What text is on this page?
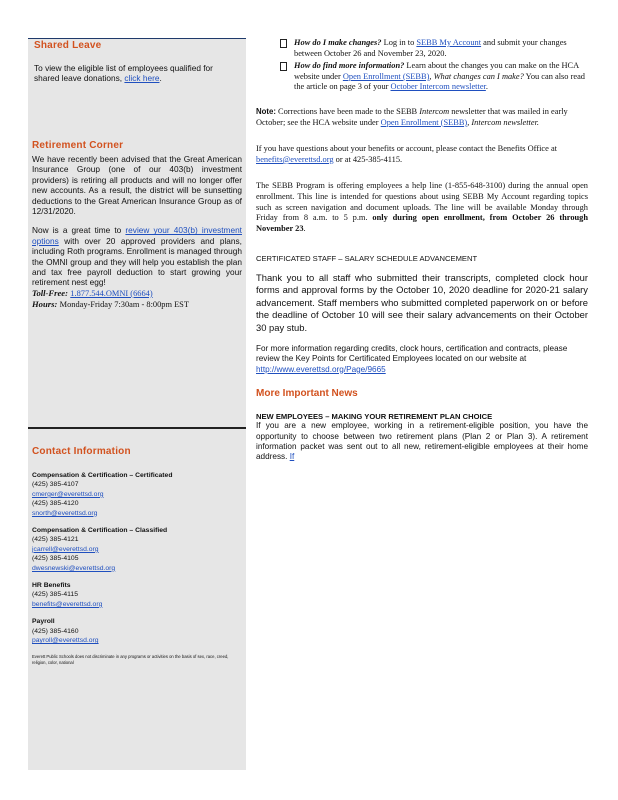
Shared Leave
To view the eligible list of employees qualified for shared leave donations, click here.
Retirement Corner

We have recently been advised that the Great American Insurance Group (one of our 403(b) investment providers) is retiring all products and will no longer offer new accounts. As a result, the district will be sunsetting deductions to the Great American Insurance Group as of 12/31/2020.

Now is a great time to review your 403(b) investment options with over 20 approved providers and plans, including Roth programs. Enrollment is managed through the OMNI group and they will help you establish the plan and tax free payroll deduction to start growing your retirement nest egg!

Toll-Free: 1.877.544.OMNI (6664)
Hours: Monday-Friday 7:30am - 8:00pm EST
Contact Information
Compensation & Certification – Certificated
(425) 385-4107
cmerger@everettsd.org
(425) 385-4120
snorth@everettsd.org
Compensation & Certification – Classified
(425) 385-4121
jcarrell@everettsd.org
(425) 385-4105
dwesnewski@everettsd.org
HR Benefits
(425) 385-4115
benefits@everettsd.org
Payroll
(425) 385-4160
payroll@everettsd.org
Everett Public Schools does not discriminate in any programs or activities on the basis of sex, race, creed, religion, color, national
How do I make changes? Log in to SEBB My Account and submit your changes between October 26 and November 23, 2020.
How do find more information? Learn about the changes you can make on the HCA website under Open Enrollment (SEBB), What changes can I make? You can also read the article on page 3 of your October Intercom newsletter.

Note: Corrections have been made to the SEBB Intercom newsletter that was mailed in early October; see the HCA website under Open Enrollment (SEBB), Intercom newsletter.

If you have questions about your benefits or account, please contact the Benefits Office at benefits@everettsd.org or at 425-385-4115.

The SEBB Program is offering employees a help line (1-855-648-3100) during the annual open enrollment. This line is intended for questions about using SEBB My Account regarding topics such as screen navigation and document uploads. The line will be available Monday through Friday from 8 a.m. to 5 p.m. only during open enrollment, from October 26 through November 23.

CERTIFICATED STAFF – SALARY SCHEDULE ADVANCEMENT

Thank you to all staff who submitted their transcripts, completed clock hour forms and approval forms by the October 10, 2020 deadline for 2020-21 salary advancement. Staff members who submitted completed paperwork on or before the deadline of October 10 will see their salary advancements on their October 30 pay stub.

For more information regarding credits, clock hours, certification and contracts, please review the Key Points for Certificated Employees located on our website at http://www.everettsd.org/Page/9665

More Important News
NEW EMPLOYEES – MAKING YOUR RETIREMENT PLAN CHOICE

If you are a new employee, working in a retirement-eligible position, you have the opportunity to choose between two retirement plans (Plan 2 or Plan 3). A retirement information packet was sent out to all new, retirement-eligible employees at their home address. If
